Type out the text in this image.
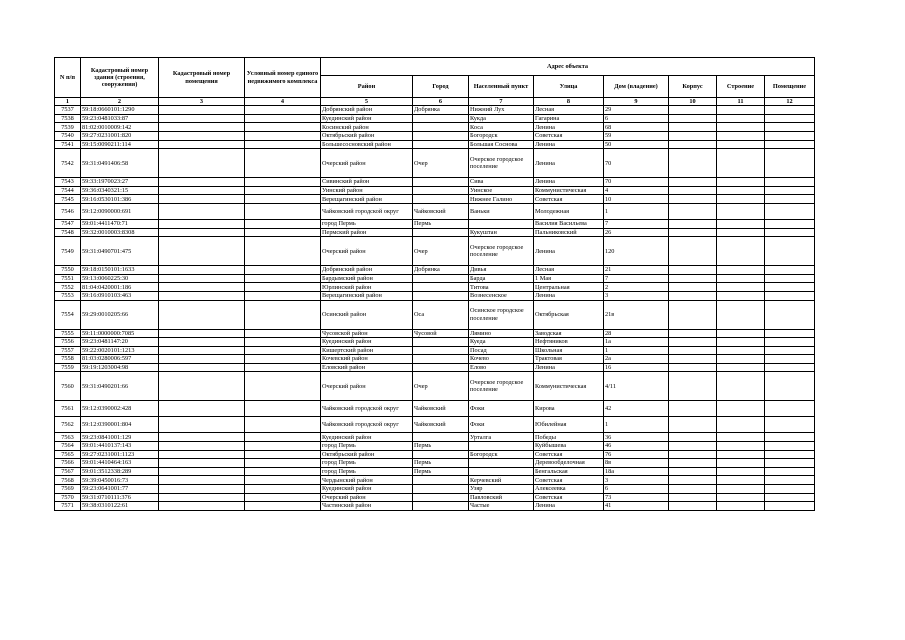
N п/п	Кадастровый номер здания (строения, сооружения)	Кадастровый номер помещения	Условный номер единого недвижимого комплекса	Адрес объекта							
				Район	Город	Населенный пункт	Улица	Дом (владение)	Корпус	Строение	Помещение
1	2	3	4	5	6	7	8	9	10	11	12
7537	59:18:0660101:1290			Добрянский район	Добрянка	Нижний Лух	Лесная	29			
7538	59:23:0481033:87			Куединский район		Кукда	Гагарина	6			
7539	81:02:0010009:142			Косинский район		Коса	Ленина	68			
7540	59:27:0231001:820			Октябрьский район		Богородск	Советская	59			
7541	59:15:0090211:114			Большесосновский район		Большая Соснова	Ленина	50			
7542	59:31:0491406:58			Очерский район	Очер	Очерское городское поселение	Ленина	70			
7543	59:33:1970023:27			Сивинский район		Сива	Ленина	70			
7544	59:36:0340321:15			Уинский район		Уинское	Коммунистическая	4			
7545	59:16:0530101:386			Верещагинский район		Нижнее Галино	Советская	10			
7546	59:12:0090000:691			Чайковский городской округ	Чайковский	Ваньки	Молодежная	1			
7547	59:01:4411470:71			город Пермь	Пермь		Василия Васильева	7			
7548	59:32:0010003:8308			Пермский район		Кукуштан	Пальниковский	26			
7549	59:31:0490701:475			Очерский район	Очер	Очерское городское поселение	Ленина	120			
7550	59:18:0150101:1633			Добрянский район	Добрянка	Дивья	Лесная	21			
7551	59:13:0060225:30			Бардымский район		Барда	1 Мая	7			
7552	81:04:0420001:186			Юрлинский район		Титова	Центральная	2			
7553	59:16:0910103:463			Верещагинский район		Вознесенское	Ленина	3			
7554	59:29:0010205:66			Осинский район	Оса	Осинское городское поселение	Октябрьская	21в			
7555	59:11:0000000:7085			Чусовской район	Чусовой	Лямино	Заводская	28			
7556	59:23:0481147:20			Куединский район		Куеда	Нефтяников	1а			
7557	59:22:0020101:1213			Кишертский район		Посад	Школьная	1			
7558	81:03:0280006:597			Кочевский район		Кочево	Трактовая	2а			
7559	59:19:1203004:98			Еловский район		Елово	Ленина	16			
7560	59:31:0490201:66			Очерский район	Очер	Очерское городское поселение	Коммунистическая	4/11			
7561	59:12:0390002:428			Чайковский городской округ	Чайковский	Фоки	Кирова	42			
7562	59:12:0390001:804			Чайковский городской округ	Чайковский	Фоки	Юбилейная	1			
7563	59:23:0841001:129			Куединский район		Урталга	Победы	36			
7564	59:01:4410137:143			город Пермь	Пермь		Куйбышева	46			
7565	59:27:0231001:1123			Октябрьский район		Богородск	Советская	76			
7566	59:01:4410464:163			город Пермь	Пермь		Деревообделочная	8в			
7567	59:01:3512338:289			город Пермь	Пермь		Бенгальская	18а			
7568	59:39:0450016:73			Чердынский район		Керчевский	Советская	3			
7569	59:23:0641001:77			Куединский район		Узяр	Алексеевка	6			
7570	59:31:0710111:376			Очерский район		Павловский	Советская	73			
7571	59:38:0310122:61			Частинский район		Частые	Ленина	41			
